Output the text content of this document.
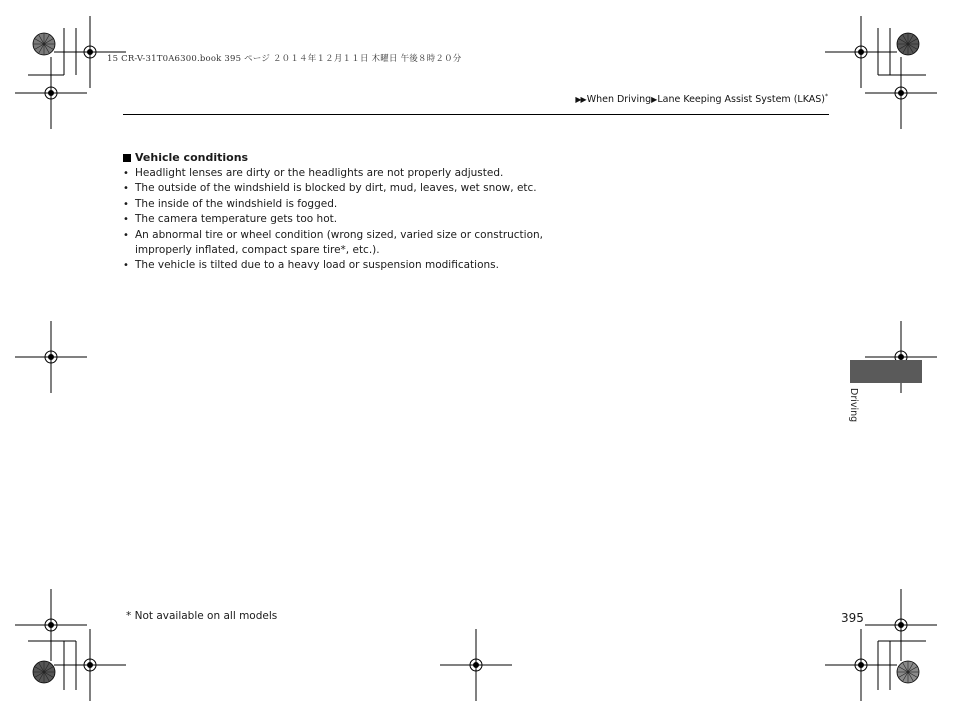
15 CR-V-31T0A6300.book 395 ページ ２０１４年１２月１１日 木曜日 午後８時２０分
▶▶When Driving▶Lane Keeping Assist System (LKAS)*
Vehicle conditions
• Headlight lenses are dirty or the headlights are not properly adjusted.
• The outside of the windshield is blocked by dirt, mud, leaves, wet snow, etc.
• The inside of the windshield is fogged.
• The camera temperature gets too hot.
• An abnormal tire or wheel condition (wrong sized, varied size or construction,
improperly inflated, compact spare tire*, etc.).
• The vehicle is tilted due to a heavy load or suspension modifications.
Driving
* Not available on all models	395
